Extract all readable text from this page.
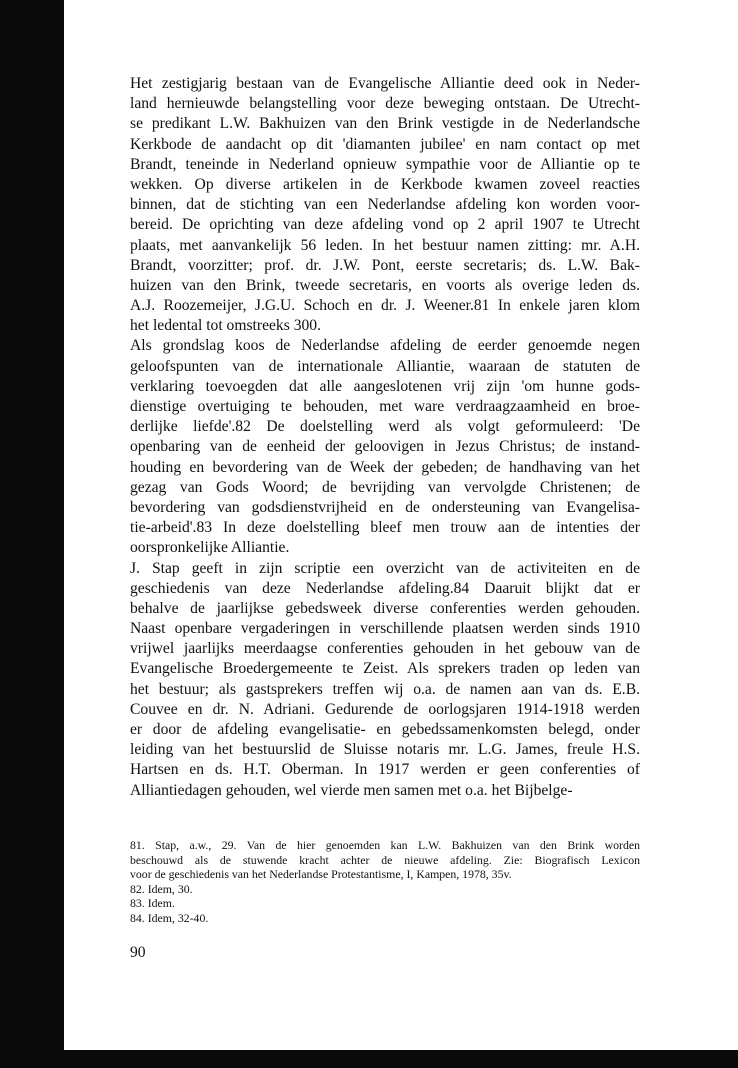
Het zestigjarig bestaan van de Evangelische Alliantie deed ook in Neder-
land hernieuwde belangstelling voor deze beweging ontstaan. De Utrecht-
se predikant L.W. Bakhuizen van den Brink vestigde in de Nederlandsche
Kerkbode de aandacht op dit 'diamanten jubilee' en nam contact op met
Brandt, teneinde in Nederland opnieuw sympathie voor de Alliantie op te
wekken. Op diverse artikelen in de Kerkbode kwamen zoveel reacties
binnen, dat de stichting van een Nederlandse afdeling kon worden voor-
bereid. De oprichting van deze afdeling vond op 2 april 1907 te Utrecht
plaats, met aanvankelijk 56 leden. In het bestuur namen zitting: mr. A.H.
Brandt, voorzitter; prof. dr. J.W. Pont, eerste secretaris; ds. L.W. Bak-
huizen van den Brink, tweede secretaris, en voorts als overige leden ds.
A.J. Roozemeijer, J.G.U. Schoch en dr. J. Weener.81 In enkele jaren klom
het ledental tot omstreeks 300.
Als grondslag koos de Nederlandse afdeling de eerder genoemde negen
geloofspunten van de internationale Alliantie, waaraan de statuten de
verklaring toevoegden dat alle aangeslotenen vrij zijn 'om hunne gods-
dienstige overtuiging te behouden, met ware verdraagzaamheid en broe-
derlijke liefde'.82 De doelstelling werd als volgt geformuleerd: 'De
openbaring van de eenheid der geloovigen in Jezus Christus; de instand-
houding en bevordering van de Week der gebeden; de handhaving van het
gezag van Gods Woord; de bevrijding van vervolgde Christenen; de
bevordering van godsdienstvrijheid en de ondersteuning van Evangelisa-
tie-arbeid'.83 In deze doelstelling bleef men trouw aan de intenties der
oorspronkelijke Alliantie.
J. Stap geeft in zijn scriptie een overzicht van de activiteiten en de
geschiedenis van deze Nederlandse afdeling.84 Daaruit blijkt dat er
behalve de jaarlijkse gebedsweek diverse conferenties werden gehouden.
Naast openbare vergaderingen in verschillende plaatsen werden sinds 1910
vrijwel jaarlijks meerdaagse conferenties gehouden in het gebouw van de
Evangelische Broedergemeente te Zeist. Als sprekers traden op leden van
het bestuur; als gastsprekers treffen wij o.a. de namen aan van ds. E.B.
Couvee en dr. N. Adriani. Gedurende de oorlogsjaren 1914-1918 werden
er door de afdeling evangelisatie- en gebedssamenkomsten belegd, onder
leiding van het bestuurslid de Sluisse notaris mr. L.G. James, freule H.S.
Hartsen en ds. H.T. Oberman. In 1917 werden er geen conferenties of
Alliantiedagen gehouden, wel vierde men samen met o.a. het Bijbelge-
81. Stap, a.w., 29. Van de hier genoemden kan L.W. Bakhuizen van den Brink worden
beschouwd als de stuwende kracht achter de nieuwe afdeling. Zie: Biografisch Lexicon
voor de geschiedenis van het Nederlandse Protestantisme, I, Kampen, 1978, 35v.
82. Idem, 30.
83. Idem.
84. Idem, 32-40.
90
